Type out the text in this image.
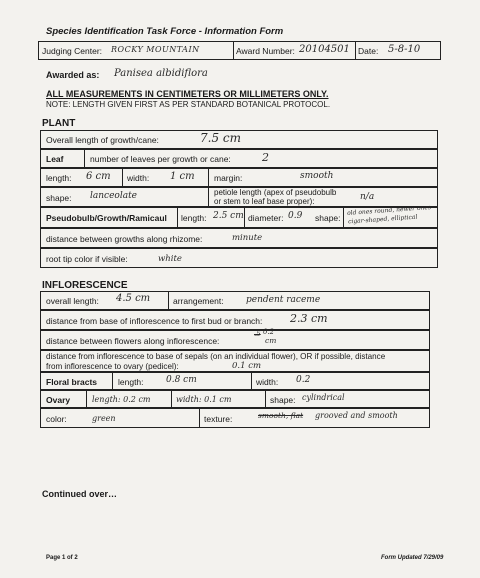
Species Identification Task Force - Information Form
Judging Center: ROCKY MOUNTAIN	Award Number: 20104501 Date: 5-8-10
Awarded as: Panisea albidiflora
ALL MEASUREMENTS IN CENTIMETERS OR MILLIMETERS ONLY.
NOTE: LENGTH GIVEN FIRST AS PER STANDARD BOTANICAL PROTOCOL.
PLANT
Overall length of growth/cane:	7.5 cm
Leaf	number of leaves per growth or cane:	2
length: 6 cm width: 1 cm margin:	smooth
shape: lanceolate	petiole length (apex of pseudobulb
or stem to leaf base proper):	n/a
Pseudobulb/Growth/Ramicaul length: 2.5 cm diameter: 0.9 shape:
old ones round, newer ones
cigar-shaped, elliptical
distance between growths along rhizome:	minute
root tip color if visible:	white
INFLORESCENCE
overall length: 4.5 cm	arrangement: pendent raceme
distance from base of inflorescence to first bud or branch:	2.3 cm
distance between flowers along inflorescence:
.5 0.2
cm
distance from inflorescence to base of sepals (on an individual flower), OR if possible, distance
from inflorescence to ovary (pedicel):	0.1 cm
Floral bracts length: 0.8 cm	width: 0.2
Ovary	length: 0.2 cm	width: 0.1 cm	shape: cylindrical
color:	green	texture:	smooth, flat grooved and smooth
Continued over…
Page 1 of 2	Form Updated 7/29/09
